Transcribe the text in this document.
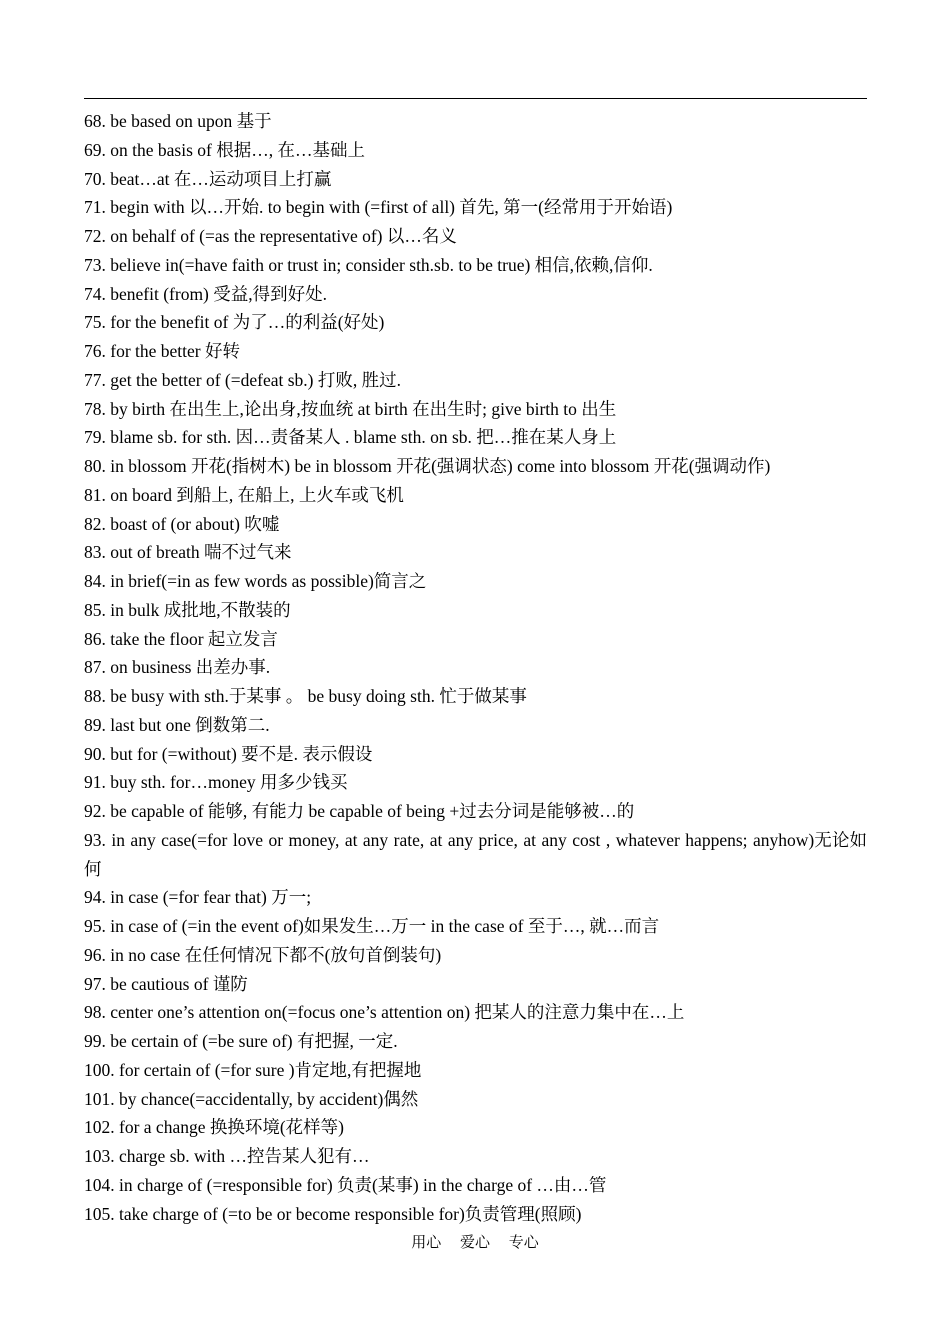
68. be based on upon 基于
69. on the basis of 根据…, 在…基础上
70. beat…at 在…运动项目上打赢
71. begin with 以…开始. to begin with (=first of all) 首先, 第一(经常用于开始语)
72. on behalf of (=as the representative of) 以…名义
73. believe in(=have faith or trust in; consider sth.sb. to be true) 相信,依赖,信仰.
74. benefit (from) 受益,得到好处.
75. for the benefit of 为了…的利益(好处)
76. for the better 好转
77. get the better of (=defeat sb.) 打败, 胜过.
78. by birth 在出生上,论出身,按血统 at birth 在出生时; give birth to 出生
79. blame sb. for sth. 因…责备某人 . blame sth. on sb. 把…推在某人身上
80. in blossom 开花(指树木) be in blossom 开花(强调状态) come into blossom 开花(强调动作)
81. on board 到船上, 在船上, 上火车或飞机
82. boast of (or about) 吹嘘
83. out of breath 喘不过气来
84. in brief(=in as few words as possible)简言之
85. in bulk 成批地,不散装的
86. take the floor 起立发言
87. on business 出差办事.
88. be busy with sth.于某事 。 be busy doing sth. 忙于做某事
89. last but one 倒数第二.
90. but for (=without) 要不是. 表示假设
91. buy sth. for…money 用多少钱买
92. be capable of 能够, 有能力 be capable of being +过去分词是能够被…的
93. in any case(=for love or money, at any rate, at any price, at any cost , whatever happens; anyhow)无论如何
94. in case (=for fear that) 万一;
95. in case of (=in the event of)如果发生…万一 in the case of 至于…, 就…而言
96. in no case 在任何情况下都不(放句首倒装句)
97. be cautious of 谨防
98. center one’s attention on(=focus one’s attention on) 把某人的注意力集中在…上
99. be certain of (=be sure of) 有把握, 一定.
100. for certain of (=for sure )肯定地,有把握地
101. by chance(=accidentally, by accident)偶然
102. for a change 换换环境(花样等)
103. charge sb. with …控告某人犯有…
104. in charge of (=responsible for) 负责(某事) in the charge of …由…管
105. take charge of (=to be or become responsible for)负责管理(照顾)
用心 爱心 专心
